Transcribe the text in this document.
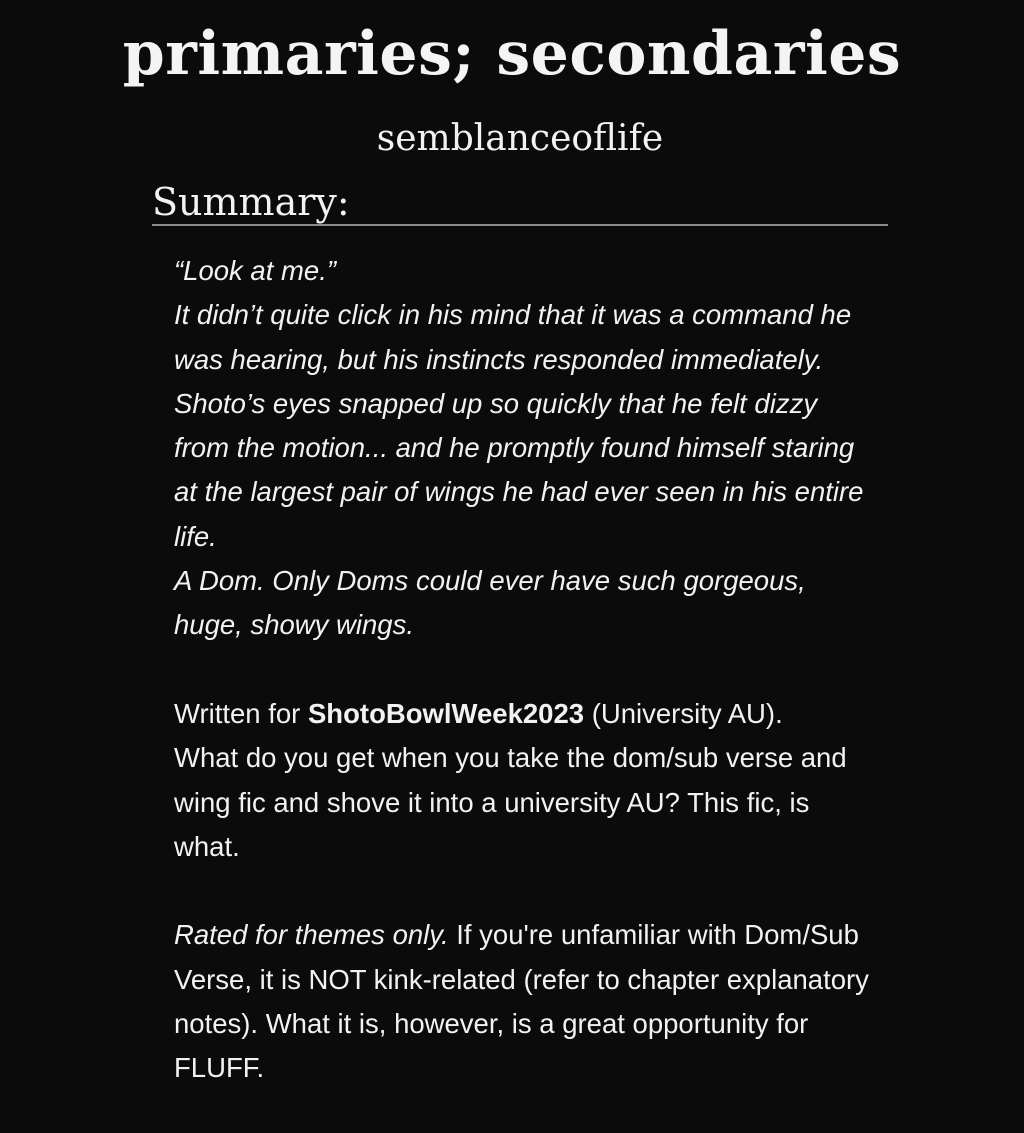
primaries; secondaries
semblanceoflife
Summary:

“Look at me.”

It didn’t quite click in his mind that it was a command he was hearing, but his instincts responded immediately. Shoto’s eyes snapped up so quickly that he felt dizzy from the motion... and he promptly found himself staring at the largest pair of wings he had ever seen in his entire life.

A Dom. Only Doms could ever have such gorgeous, huge, showy wings.

Written for ShotoBowlWeek2023 (University AU).

What do you get when you take the dom/sub verse and wing fic and shove it into a university AU? This fic, is what.

Rated for themes only. If you're unfamiliar with Dom/Sub Verse, it is NOT kink-related (refer to chapter explanatory notes). What it is, however, is a great opportunity for FLUFF.
